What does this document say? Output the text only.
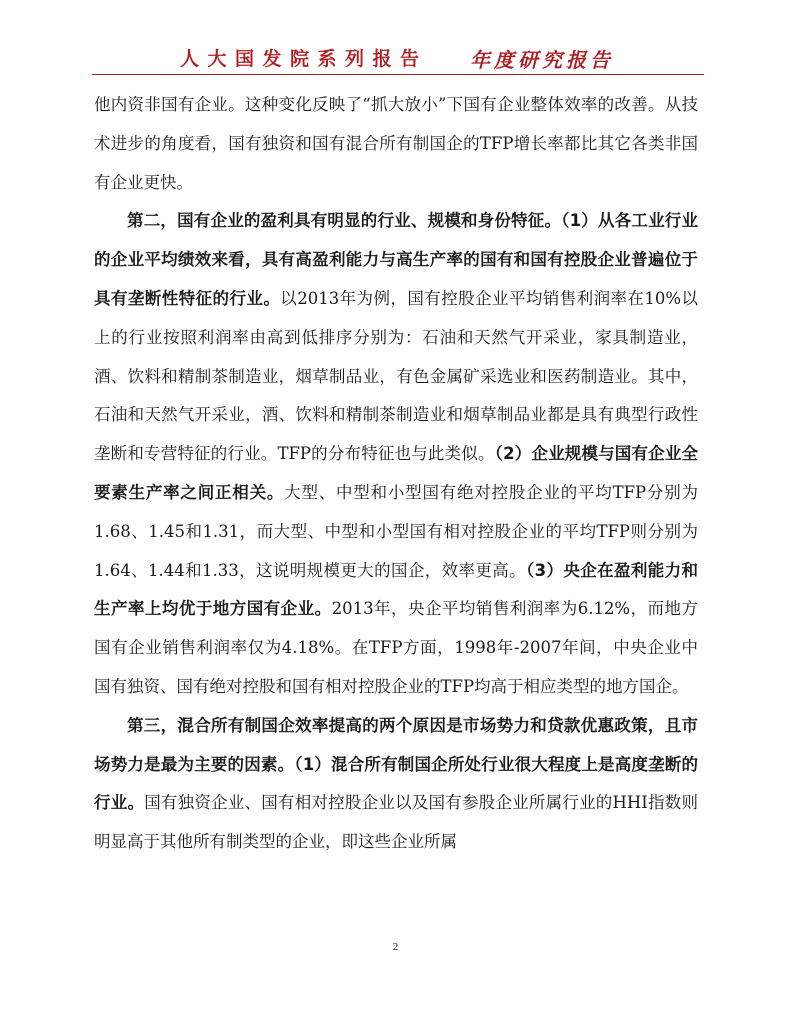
人大国发院系列报告 年度研究报告

他内资非国有企业。这种变化反映了“抓大放小”下国有企业整体效率的改善。从技术进步的角度看，国有独资和国有混合所有制国企的TFP增长率都比其它各类非国有企业更快。

第二，国有企业的盈利具有明显的行业、规模和身份特征。（1）从各工业行业的企业平均绩效来看，具有高盈利能力与高生产率的国有和国有控股企业普遍位于具有垄断性特征的行业。以2013年为例，国有控股企业平均销售利润率在10%以上的行业按照利润率由高到低排序分别为：石油和天然气开采业，家具制造业，酒、饮料和精制茶制造业，烟草制品业，有色金属矿采选业和医药制造业。其中，石油和天然气开采业，酒、饮料和精制茶制造业和烟草制品业都是具有典型行政性垄断和专营特征的行业。TFP的分布特征也与此类似。（2）企业规模与国有企业全要素生产率之间正相关。大型、中型和小型国有绝对控股企业的平均TFP分别为1.68、1.45和1.31，而大型、中型和小型国有相对控股企业的平均TFP则分别为1.64、1.44和1.33，这说明规模更大的国企，效率更高。（3）央企在盈利能力和生产率上均优于地方国有企业。2013年，央企平均销售利润率为6.12%，而地方国有企业销售利润率仅为4.18%。在TFP方面，1998年-2007年间，中央企业中国有独资、国有绝对控股和国有相对控股企业的TFP均高于相应类型的地方国企。

第三，混合所有制国企效率提高的两个原因是市场势力和贷款优惠政策，且市场势力是最为主要的因素。（1）混合所有制国企所处行业很大程度上是高度垄断的行业。国有独资企业、国有相对控股企业以及国有参股企业所属行业的HHI指数则明显高于其他所有制类型的企业，即这些企业所属

2
